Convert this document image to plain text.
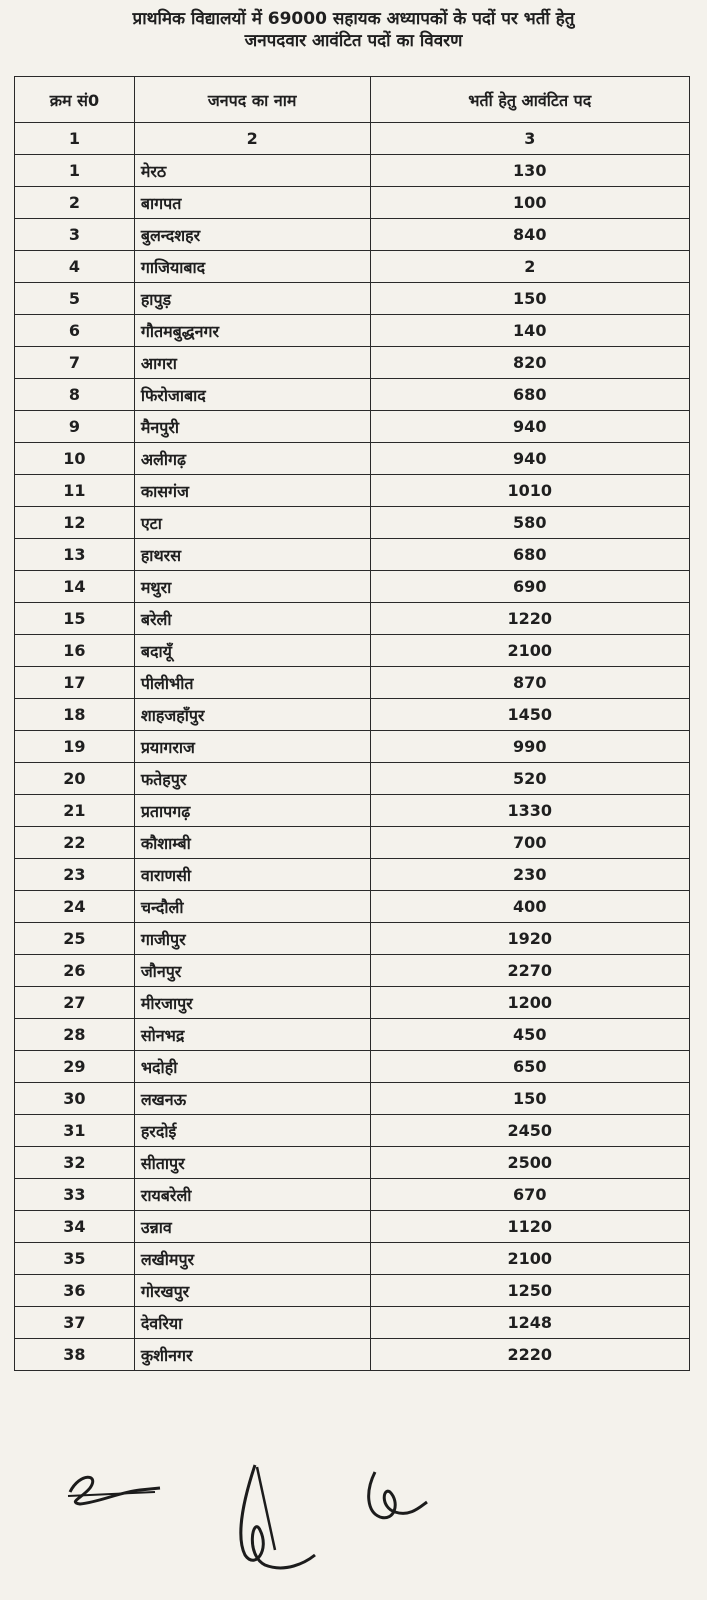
प्राथमिक विद्यालयों में 69000 सहायक अध्यापकों के पदों पर भर्ती हेतु
जनपदवार आवंटित पदों का विवरण
क्रम सं0	जनपद का नाम	भर्ती हेतु आवंटित पद
1	2	3
1	मेरठ	130
2	बागपत	100
3	बुलन्दशहर	840
4	गाजियाबाद	2
5	हापुड़	150
6	गौतमबुद्धनगर	140
7	आगरा	820
8	फिरोजाबाद	680
9	मैनपुरी	940
10	अलीगढ़	940
11	कासगंज	1010
12	एटा	580
13	हाथरस	680
14	मथुरा	690
15	बरेली	1220
16	बदायूँ	2100
17	पीलीभीत	870
18	शाहजहाँपुर	1450
19	प्रयागराज	990
20	फतेहपुर	520
21	प्रतापगढ़	1330
22	कौशाम्बी	700
23	वाराणसी	230
24	चन्दौली	400
25	गाजीपुर	1920
26	जौनपुर	2270
27	मीरजापुर	1200
28	सोनभद्र	450
29	भदोही	650
30	लखनऊ	150
31	हरदोई	2450
32	सीतापुर	2500
33	रायबरेली	670
34	उन्नाव	1120
35	लखीमपुर	2100
36	गोरखपुर	1250
37	देवरिया	1248
38	कुशीनगर	2220
